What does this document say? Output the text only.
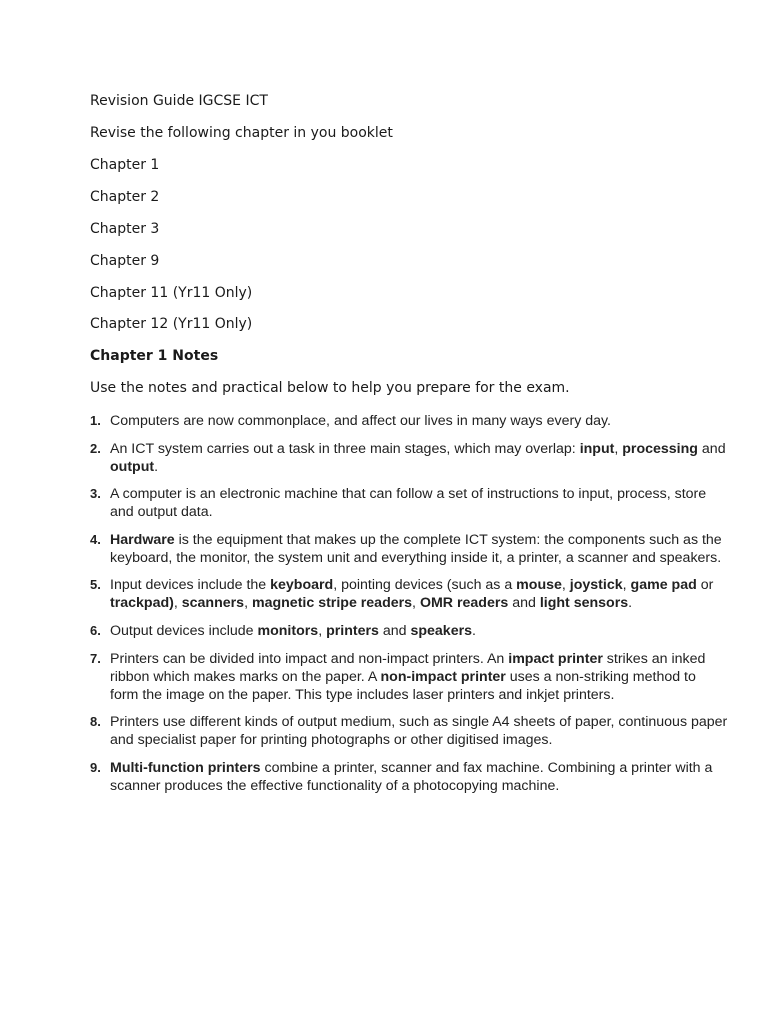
Revision Guide IGCSE ICT

Revise the following chapter in you booklet

Chapter 1

Chapter 2

Chapter 3

Chapter 9

Chapter 11 (Yr11 Only)

Chapter 12 (Yr11 Only)

Chapter 1 Notes

Use the notes and practical below to help you prepare for the exam.

1. Computers are now commonplace, and affect our lives in many ways every day.
2. An ICT system carries out a task in three main stages, which may overlap: input, processing and
output.
3. A computer is an electronic machine that can follow a set of instructions to input, process, store
and output data.
4. Hardware is the equipment that makes up the complete ICT system: the components such as the
keyboard, the monitor, the system unit and everything inside it, a printer, a scanner and speakers.
5. Input devices include the keyboard, pointing devices (such as a mouse, joystick, game pad or
trackpad), scanners, magnetic stripe readers, OMR readers and light sensors.
6. Output devices include monitors, printers and speakers.
7. Printers can be divided into impact and non-impact printers. An impact printer strikes an inked
ribbon which makes marks on the paper. A non-impact printer uses a non-striking method to
form the image on the paper. This type includes laser printers and inkjet printers.
8. Printers use different kinds of output medium, such as single A4 sheets of paper, continuous paper
and specialist paper for printing photographs or other digitised images.
9. Multi-function printers combine a printer, scanner and fax machine. Combining a printer with a
scanner produces the effective functionality of a photocopying machine.
